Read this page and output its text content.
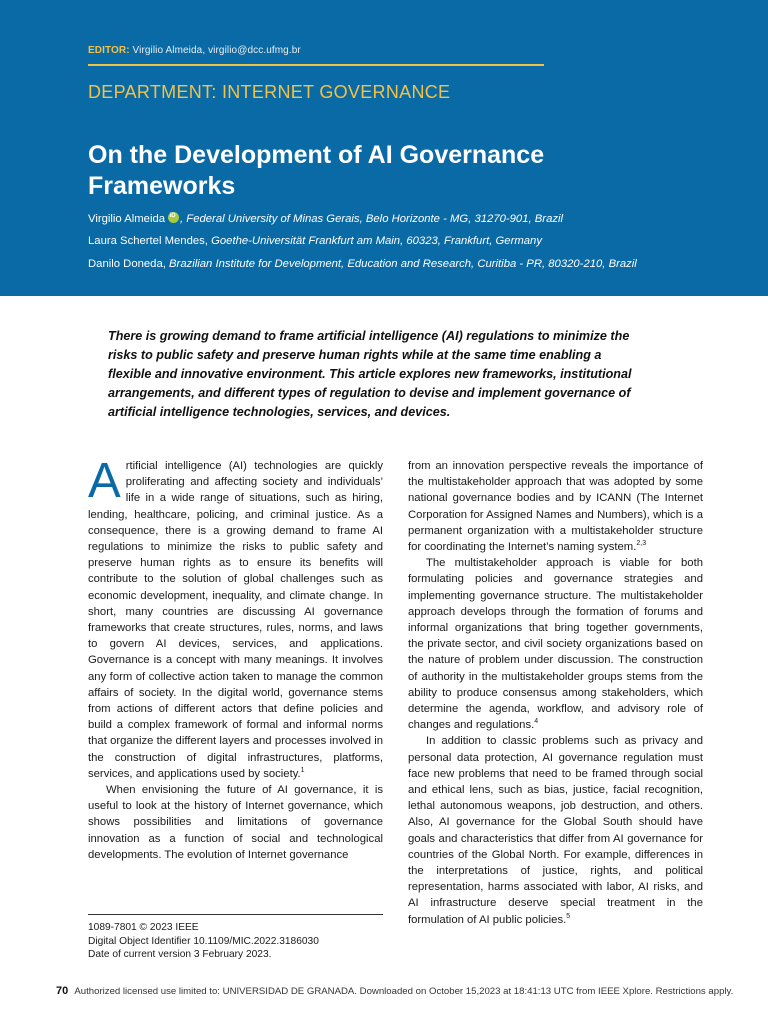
EDITOR: Virgilio Almeida, virgilio@dcc.ufmg.br
DEPARTMENT: INTERNET GOVERNANCE
On the Development of AI Governance Frameworks
Virgilio AlmeidaiD , Federal University of Minas Gerais, Belo Horizonte - MG, 31270-901, Brazil
Laura Schertel Mendes, Goethe-Universität Frankfurt am Main, 60323, Frankfurt, Germany
Danilo Doneda, Brazilian Institute for Development, Education and Research, Curitiba - PR, 80320-210, Brazil
There is growing demand to frame artificial intelligence (AI) regulations to minimize the risks to public safety and preserve human rights while at the same time enabling a flexible and innovative environment. This article explores new frameworks, institutional arrangements, and different types of regulation to devise and implement governance of artificial intelligence technologies, services, and devices.

Artificial intelligence (AI) technologies are quickly proliferating and affecting society and individuals’ life in a wide range of situations, such as hiring, lending, healthcare, policing, and criminal justice. As a consequence, there is a growing demand to frame AI regulations to minimize the risks to public safety and preserve human rights as to ensure its benefits will contribute to the solution of global challenges such as economic development, inequality, and climate change. In short, many countries are discussing AI governance frameworks that create structures, rules, norms, and laws to govern AI devices, services, and applications. Governance is a concept with many meanings. It involves any form of collective action taken to manage the common affairs of society. In the digital world, governance stems from actions of different actors that define policies and build a complex framework of formal and informal norms that organize the different layers and processes involved in the construction of digital infrastructures, platforms, services, and applications used by society.$^1$

When envisioning the future of AI governance, it is useful to look at the history of Internet governance, which shows possibilities and limitations of governance innovation as a function of social and technological developments. The evolution of Internet governance

from an innovation perspective reveals the importance of the multistakeholder approach that was adopted by some national governance bodies and by ICANN (The Internet Corporation for Assigned Names and Numbers), which is a permanent organization with a multistakeholder structure for coordinating the Internet’s naming system.$^{2,3}$

The multistakeholder approach is viable for both formulating policies and governance strategies and implementing governance structure. The multistakeholder approach develops through the formation of forums and informal organizations that bring together governments, the private sector, and civil society organizations based on the nature of problem under discussion. The construction of authority in the multistakeholder groups stems from the ability to produce consensus among stakeholders, which determine the agenda, workflow, and advisory role of changes and regulations.$^4$

In addition to classic problems such as privacy and personal data protection, AI governance regulation must face new problems that need to be framed through social and ethical lens, such as bias, justice, facial recognition, lethal autonomous weapons, job destruction, and others. Also, AI governance for the Global South should have goals and characteristics that differ from AI governance for countries of the Global North. For example, differences in the interpretations of justice, rights, and political representation, harms associated with labor, AI risks, and AI infrastructure deserve special treatment in the formulation of AI public policies.$^5$

1089-7801 © 2023 IEEE
Digital Object Identifier 10.1109/MIC.2022.3186030
Date of current version 3 February 2023.
70 Authorized licensed use limited to: UNIVERSIDAD DE GRANADA. Downloaded on October 15,2023 at 18:41:13 UTC from IEEE Xplore. Restrictions apply.
